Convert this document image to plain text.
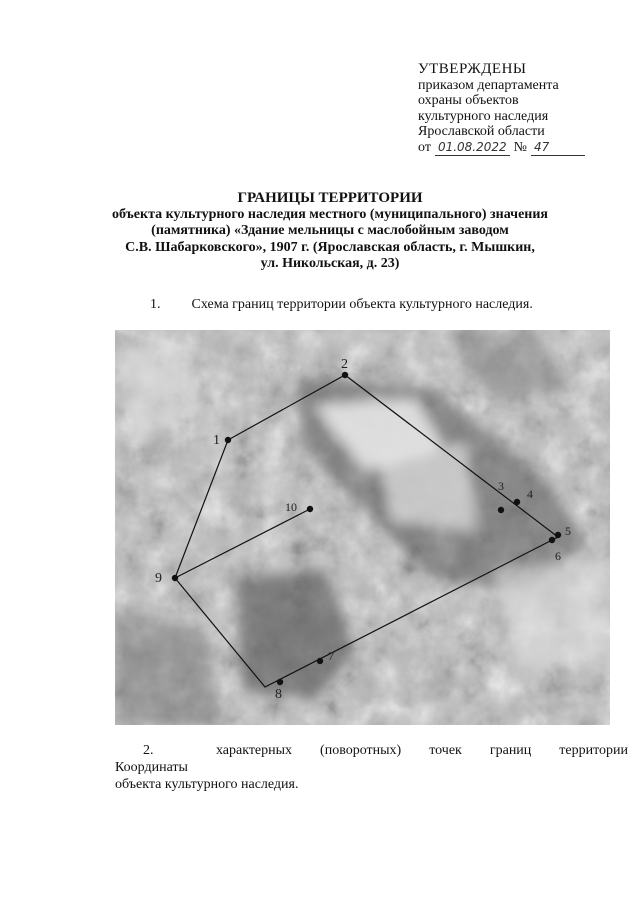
УТВЕРЖДЕНЫ
приказом департамента
охраны объектов
культурного наследия
Ярославской области
от 01.08.2022 № 47
ГРАНИЦЫ ТЕРРИТОРИИ
объекта культурного наследия местного (муниципального) значения
(памятника) «Здание мельницы с маслобойным заводом
С.В. Шабарковского», 1907 г. (Ярославская область, г. Мышкин,
ул. Никольская, д. 23)
1. Схема границ территории объекта культурного наследия.
1
2
3
4
5
6
7
8
9
10
2. Координаты
характерных	(поворотных)	точек	границ	территории
объекта культурного наследия.
